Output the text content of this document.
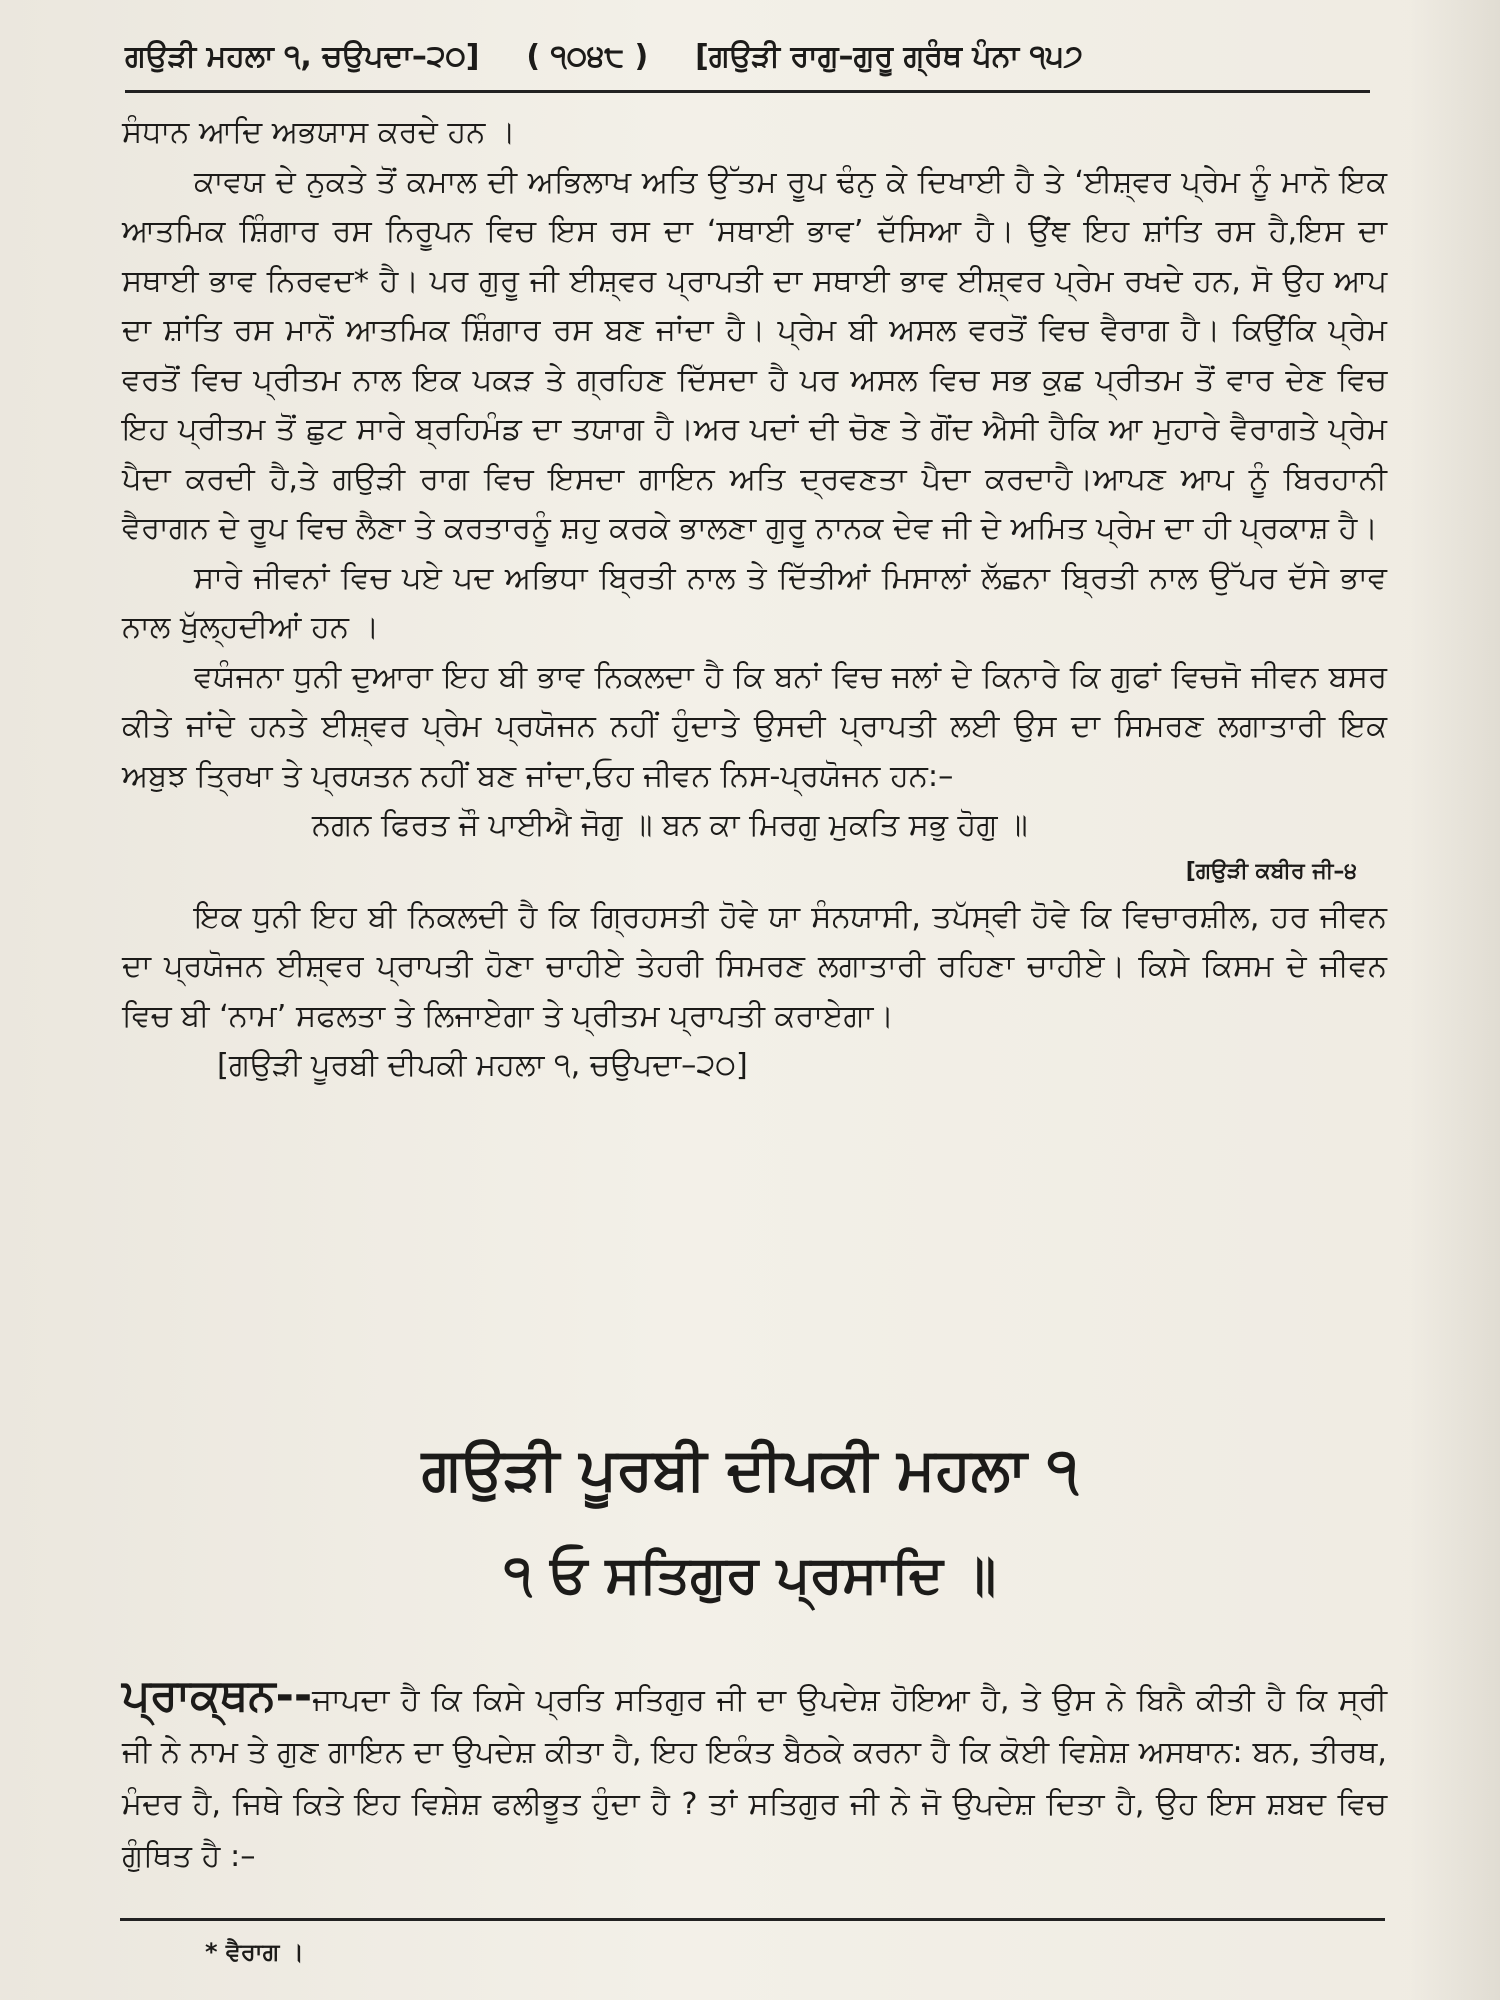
ਗਉੜੀ ਮਹਲਾ ੧, ਚਉਪਦਾ–੨੦] ( ੧੦੪੮ ) [ਗਉੜੀ ਰਾਗੁ–ਗੁਰੂ ਗ੍ਰੰਥ ਪੰਨਾ ੧੫੭

ਸੰਧਾਨ ਆਦਿ ਅਭਯਾਸ ਕਰਦੇ ਹਨ ।

ਕਾਵਯ ਦੇ ਨੁਕਤੇ ਤੋਂ ਕਮਾਲ ਦੀ ਅਭਿਲਾਖ ਅਤਿ ਉੱਤਮ ਰੂਪ ਢੰਨੁ ਕੇ ਦਿਖਾਈ ਹੈ ਤੇ ‘ਈਸ਼੍ਵਰ ਪ੍ਰੇਮ ਨੂੰ ਮਾਨੋ ਇਕ ਆਤਮਿਕ ਸ਼ਿੰਗਾਰ ਰਸ ਨਿਰੂਪਨ ਵਿਚ ਇਸ ਰਸ ਦਾ ‘ਸਥਾਈ ਭਾਵ’ ਦੱਸਿਆ ਹੈ। ਉਂਞ ਇਹ ਸ਼ਾਂਤਿ ਰਸ ਹੈ,ਇਸ ਦਾ ਸਥਾਈ ਭਾਵ ਨਿਰਵਦ* ਹੈ। ਪਰ ਗੁਰੂ ਜੀ ਈਸ਼੍ਵਰ ਪ੍ਰਾਪਤੀ ਦਾ ਸਥਾਈ ਭਾਵ ਈਸ਼੍ਵਰ ਪ੍ਰੇਮ ਰਖਦੇ ਹਨ, ਸੋ ਉਹ ਆਪ ਦਾ ਸ਼ਾਂਤਿ ਰਸ ਮਾਨੋਂ ਆਤਮਿਕ ਸ਼ਿੰਗਾਰ ਰਸ ਬਣ ਜਾਂਦਾ ਹੈ। ਪ੍ਰੇਮ ਬੀ ਅਸਲ ਵਰਤੋਂ ਵਿਚ ਵੈਰਾਗ ਹੈ। ਕਿਉਂਕਿ ਪ੍ਰੇਮ ਵਰਤੋਂ ਵਿਚ ਪ੍ਰੀਤਮ ਨਾਲ ਇਕ ਪਕੜ ਤੇ ਗ੍ਰਹਿਣ ਦਿੱਸਦਾ ਹੈ ਪਰ ਅਸਲ ਵਿਚ ਸਭ ਕੁਛ ਪ੍ਰੀਤਮ ਤੋਂ ਵਾਰ ਦੇਣ ਵਿਚ ਇਹ ਪ੍ਰੀਤਮ ਤੋਂ ਛੁਟ ਸਾਰੇ ਬ੍ਰਹਿਮੰਡ ਦਾ ਤਯਾਗ ਹੈ।ਅਰ ਪਦਾਂ ਦੀ ਚੋਣ ਤੇ ਗੋਂਦ ਐਸੀ ਹੈਕਿ ਆ ਮੁਹਾਰੇ ਵੈਰਾਗਤੇ ਪ੍ਰੇਮ ਪੈਦਾ ਕਰਦੀ ਹੈ,ਤੇ ਗਉੜੀ ਰਾਗ ਵਿਚ ਇਸਦਾ ਗਾਇਨ ਅਤਿ ਦ੍ਰਵਣਤਾ ਪੈਦਾ ਕਰਦਾਹੈ।ਆਪਣ ਆਪ ਨੂੰ ਬਿਰਹਾਨੀ ਵੈਰਾਗਨ ਦੇ ਰੂਪ ਵਿਚ ਲੈਣਾ ਤੇ ਕਰਤਾਰਨੂੰ ਸ਼ਹੁ ਕਰਕੇ ਭਾਲਣਾ ਗੁਰੂ ਨਾਨਕ ਦੇਵ ਜੀ ਦੇ ਅਮਿਤ ਪ੍ਰੇਮ ਦਾ ਹੀ ਪ੍ਰਕਾਸ਼ ਹੈ।

ਸਾਰੇ ਜੀਵਨਾਂ ਵਿਚ ਪਏ ਪਦ ਅਭਿਧਾ ਬ੍ਰਿਤੀ ਨਾਲ ਤੇ ਦਿੱਤੀਆਂ ਮਿਸਾਲਾਂ ਲੱਛਨਾ ਬ੍ਰਿਤੀ ਨਾਲ ਉੱਪਰ ਦੱਸੇ ਭਾਵ ਨਾਲ ਖੁੱਲ੍ਹਦੀਆਂ ਹਨ ।

ਵਯੰਜਨਾ ਧੁਨੀ ਦੁਆਰਾ ਇਹ ਬੀ ਭਾਵ ਨਿਕਲਦਾ ਹੈ ਕਿ ਬਨਾਂ ਵਿਚ ਜਲਾਂ ਦੇ ਕਿਨਾਰੇ ਕਿ ਗੁਫਾਂ ਵਿਚਜੋ ਜੀਵਨ ਬਸਰ ਕੀਤੇ ਜਾਂਦੇ ਹਨਤੇ ਈਸ਼੍ਵਰ ਪ੍ਰੇਮ ਪ੍ਰਯੋਜਨ ਨਹੀਂ ਹੁੰਦਾਤੇ ਉਸਦੀ ਪ੍ਰਾਪਤੀ ਲਈ ਉਸ ਦਾ ਸਿਮਰਣ ਲਗਾਤਾਰੀ ਇਕ ਅਬੁਝ ਤ੍ਰਿਖਾ ਤੇ ਪ੍ਰਯਤਨ ਨਹੀਂ ਬਣ ਜਾਂਦਾ,ਓਹ ਜੀਵਨ ਨਿਸ-ਪ੍ਰਯੋਜਨ ਹਨ:–

ਨਗਨ ਫਿਰਤ ਜੌ ਪਾਈਐ ਜੋਗੁ ॥ ਬਨ ਕਾ ਮਿਰਗੁ ਮੁਕਤਿ ਸਭੁ ਹੋਗੁ ॥

[ਗਉੜੀ ਕਬੀਰ ਜੀ–੪

ਇਕ ਧੁਨੀ ਇਹ ਬੀ ਨਿਕਲਦੀ ਹੈ ਕਿ ਗ੍ਰਿਹਸਤੀ ਹੋਵੇ ਯਾ ਸੰਨਯਾਸੀ, ਤਪੱਸ੍ਵੀ ਹੋਵੇ ਕਿ ਵਿਚਾਰਸ਼ੀਲ, ਹਰ ਜੀਵਨ ਦਾ ਪ੍ਰਯੋਜਨ ਈਸ਼੍ਵਰ ਪ੍ਰਾਪਤੀ ਹੋਣਾ ਚਾਹੀਏ ਤੇਹਰੀ ਸਿਮਰਣ ਲਗਾਤਾਰੀ ਰਹਿਣਾ ਚਾਹੀਏ। ਕਿਸੇ ਕਿਸਮ ਦੇ ਜੀਵਨ ਵਿਚ ਬੀ ‘ਨਾਮ’ ਸਫਲਤਾ ਤੇ ਲਿਜਾਏਗਾ ਤੇ ਪ੍ਰੀਤਮ ਪ੍ਰਾਪਤੀ ਕਰਾਏਗਾ।

[ਗਉੜੀ ਪੂਰਬੀ ਦੀਪਕੀ ਮਹਲਾ ੧, ਚਉਪਦਾ–੨੦]

ਗਉੜੀ ਪੂਰਬੀ ਦੀਪਕੀ ਮਹਲਾ ੧
੧ ਓ ਸਤਿਗੁਰ ਪ੍ਰਸਾਦਿ ॥

ਪ੍ਰਾਕ੍ਥਨ--ਜਾਪਦਾ ਹੈ ਕਿ ਕਿਸੇ ਪ੍ਰਤਿ ਸਤਿਗੁਰ ਜੀ ਦਾ ਉਪਦੇਸ਼ ਹੋਇਆ ਹੈ, ਤੇ ਉਸ ਨੇ ਬਿਨੈ ਕੀਤੀ ਹੈ ਕਿ ਸ੍ਰੀ ਜੀ ਨੇ ਨਾਮ ਤੇ ਗੁਣ ਗਾਇਨ ਦਾ ਉਪਦੇਸ਼ ਕੀਤਾ ਹੈ, ਇਹ ਇਕੰਤ ਬੈਠਕੇ ਕਰਨਾ ਹੈ ਕਿ ਕੋਈ ਵਿਸ਼ੇਸ਼ ਅਸਥਾਨ: ਬਨ, ਤੀਰਥ, ਮੰਦਰ ਹੈ, ਜਿਥੇ ਕਿਤੇ ਇਹ ਵਿਸ਼ੇਸ਼ ਫਲੀਭੂਤ ਹੁੰਦਾ ਹੈ ? ਤਾਂ ਸਤਿਗੁਰ ਜੀ ਨੇ ਜੋ ਉਪਦੇਸ਼ ਦਿਤਾ ਹੈ, ਉਹ ਇਸ ਸ਼ਬਦ ਵਿਚ ਗੁੰਥਿਤ ਹੈ :–

* ਵੈਰਾਗ ।
